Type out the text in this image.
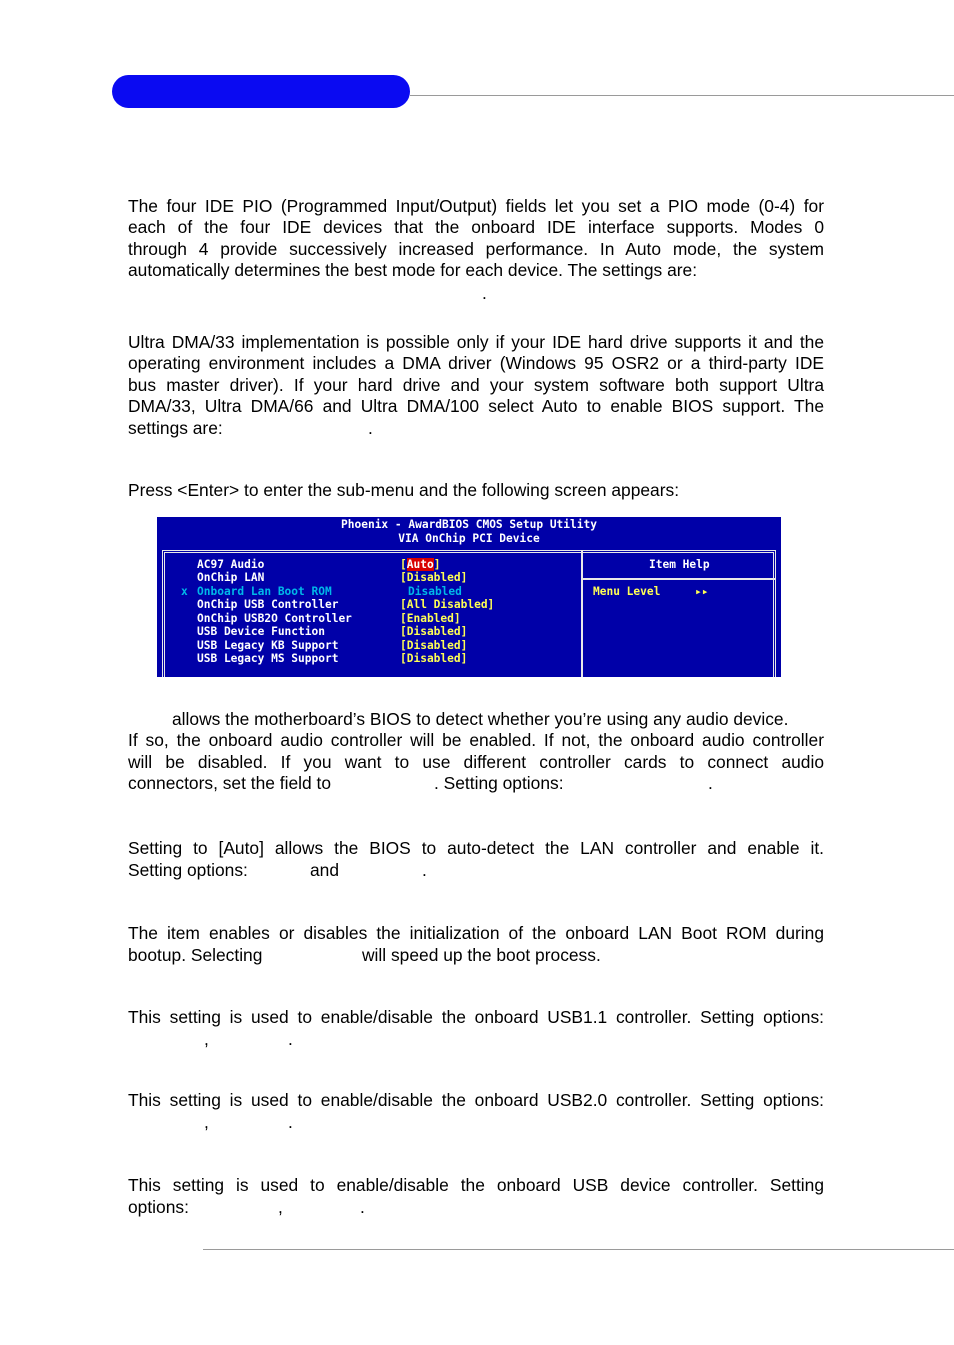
The four IDE PIO (Programmed Input/Output) fields let you set a PIO mode (0-4) for
each of the four IDE devices that the onboard IDE interface supports. Modes 0
through 4 provide successively increased performance. In Auto mode, the system
automatically determines the best mode for each device. The settings are:
.
Ultra DMA/33 implementation is possible only if your IDE hard drive supports it and the
operating environment includes a DMA driver (Windows 95 OSR2 or a third-party IDE
bus master driver). If your hard drive and your system software both support Ultra
DMA/33, Ultra DMA/66 and Ultra DMA/100 select Auto to enable BIOS support. The
settings are:	.
Press <Enter> to enter the sub-menu and the following screen appears:
Phoenix - AwardBIOS CMOS Setup Utility
VIA OnChip PCI Device
Item Help
Menu Level	▸▸
AC97 Audio	[Auto]
OnChip LAN	[Disabled]
x Onboard Lan Boot ROM	Disabled
OnChip USB Controller	[All Disabled]
OnChip USB2O Controller	[Enabled]
USB Device Function	[Disabled]
USB Legacy KB Support	[Disabled]
USB Legacy MS Support	[Disabled]
allows the motherboard’s BIOS to detect whether you’re using any audio device.
If so, the onboard audio controller will be enabled. If not, the onboard audio controller
will be disabled. If you want to use different controller cards to connect audio
connectors, set the field to	. Setting options:	.
Setting to [Auto] allows the BIOS to auto-detect the LAN controller and enable it.
Setting options:	and	.
The item enables or disables the initialization of the onboard LAN Boot ROM during
bootup. Selecting	will speed up the boot process.
This setting is used to enable/disable the onboard USB1.1 controller. Setting options:
,	.
This setting is used to enable/disable the onboard USB2.0 controller. Setting options:
,	.
This setting is used to enable/disable the onboard USB device controller. Setting
options:	,	.
